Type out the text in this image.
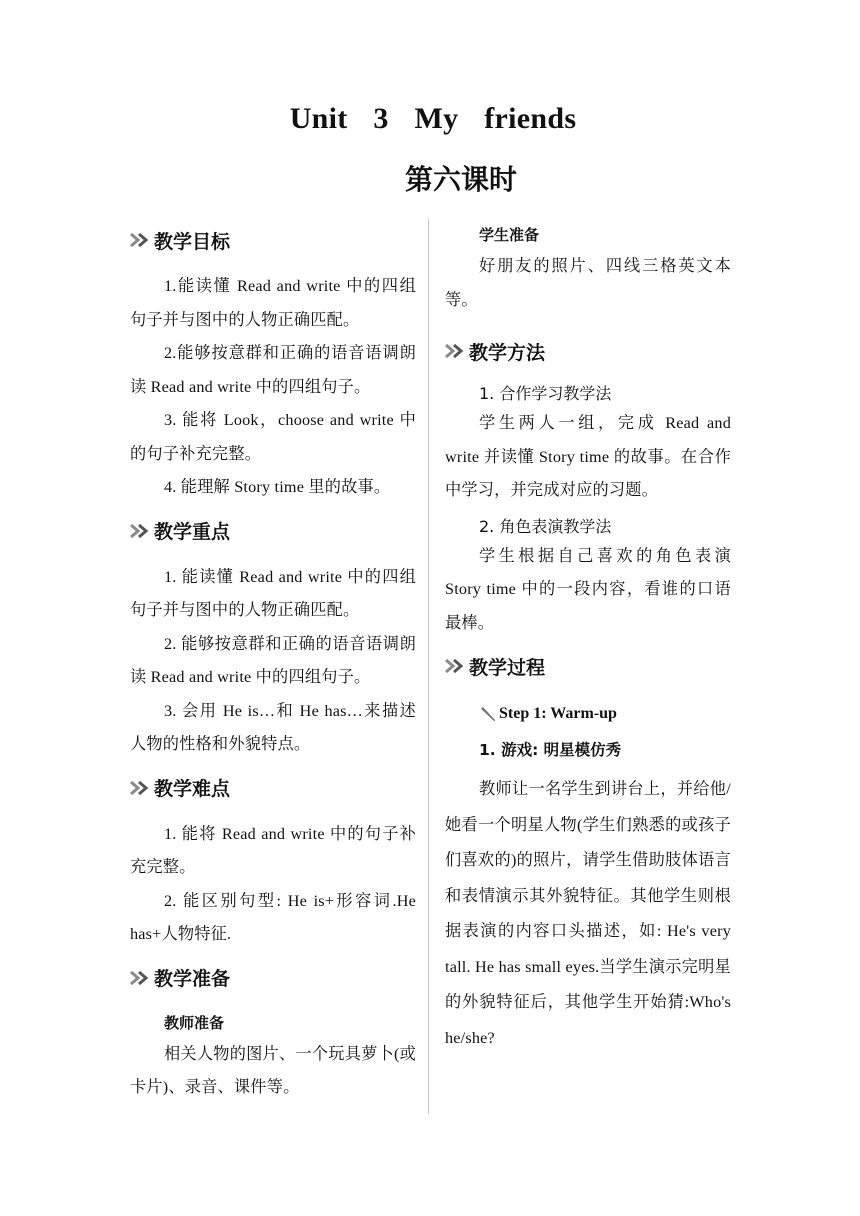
Unit 3 My friends
第六课时
教学目标

1.能读懂 Read and write 中的四组句子并与图中的人物正确匹配。

2.能够按意群和正确的语音语调朗读 Read and write 中的四组句子。

3. 能将 Look，choose and write 中的句子补充完整。

4. 能理解 Story time 里的故事。

教学重点

1. 能读懂 Read and write 中的四组句子并与图中的人物正确匹配。

2. 能够按意群和正确的语音语调朗读 Read and write 中的四组句子。

3. 会用 He is…和 He has…来描述人物的性格和外貌特点。

教学难点

1. 能将 Read and write 中的句子补充完整。

2. 能区别句型: He is+形容词.He has+人物特征.

教学准备

教师准备

相关人物的图片、一个玩具萝卜(或卡片)、录音、课件等。

学生准备

好朋友的照片、四线三格英文本等。

教学方法

1. 合作学习教学法

学生两人一组，完成 Read and write 并读懂 Story time 的故事。在合作中学习，并完成对应的习题。

2. 角色表演教学法

学生根据自己喜欢的角色表演 Story time 中的一段内容，看谁的口语最棒。

教学过程
Step 1: Warm-up

1. 游戏: 明星模仿秀

教师让一名学生到讲台上，并给他/她看一个明星人物(学生们熟悉的或孩子们喜欢的)的照片，请学生借助肢体语言和表情演示其外貌特征。其他学生则根据表演的内容口头描述，如: He's very tall. He has small eyes.当学生演示完明星的外貌特征后，其他学生开始猜:Who's he/she?
